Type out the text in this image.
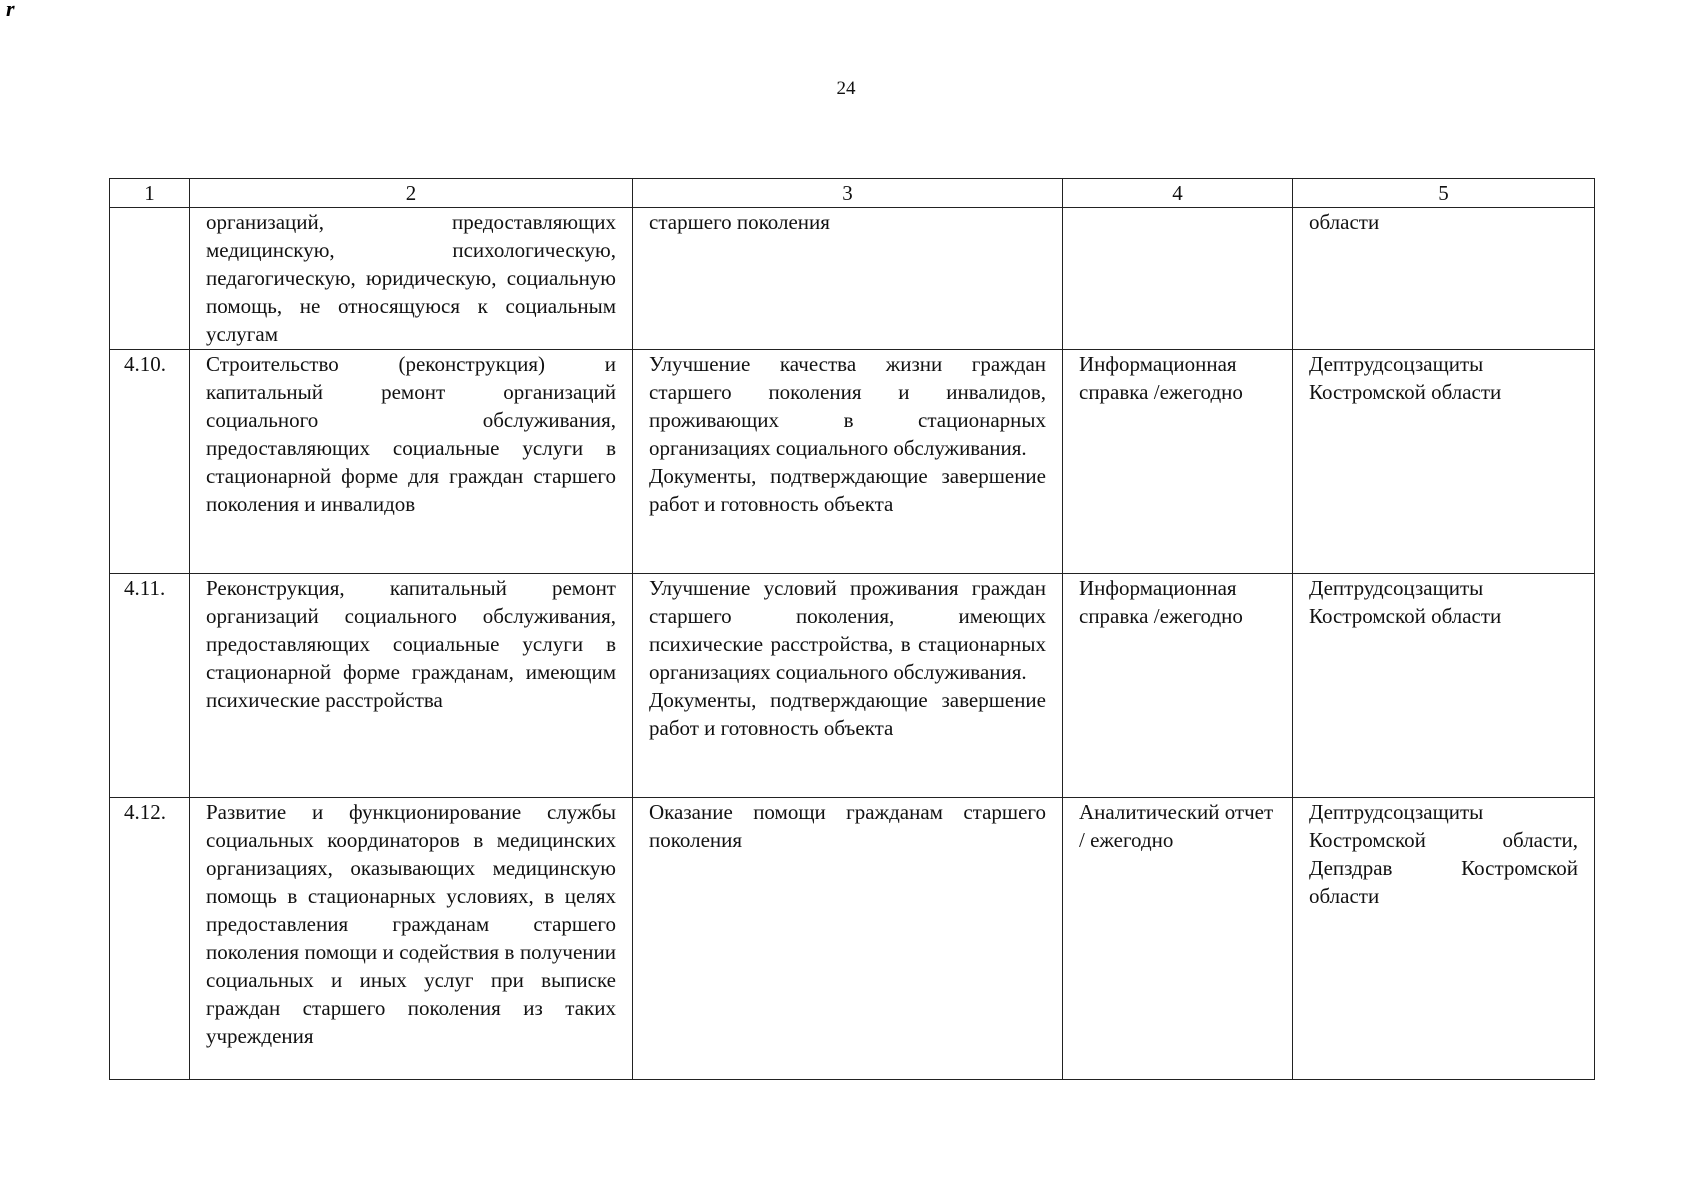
r
24
1	2	3	4	5

	организаций, предоставляющих медицинскую, психологическую, педагогическую, юридическую, социальную помощь, не относящуюся к социальным услугам	старшего поколения		области

4.10.	Строительство (реконструкция) и капитальный ремонт организаций социального обслуживания, предоставляющих социальные услуги в стационарной форме для граждан старшего поколения и инвалидов	Улучшение качества жизни граждан старшего поколения и инвалидов, проживающих в стационарных организациях социального обслуживания.
Документы, подтверждающие завершение работ и готовность объекта	Информационная справка /ежегодно	Дептрудсоцзащиты Костромской области

4.11.	Реконструкция, капитальный ремонт организаций социального обслуживания, предоставляющих социальные услуги в стационарной форме гражданам, имеющим психические расстройства	Улучшение условий проживания граждан старшего поколения, имеющих психические расстройства, в стационарных организациях социального обслуживания.
Документы, подтверждающие завершение работ и готовность объекта	Информационная справка /ежегодно	Дептрудсоцзащиты Костромской области

4.12.	Развитие и функционирование службы социальных координаторов в медицинских организациях, оказывающих медицинскую помощь в стационарных условиях, в целях предоставления гражданам старшего поколения помощи и содействия в получении социальных и иных услуг при выписке граждан старшего поколения из таких учреждения	Оказание помощи гражданам старшего поколения	Аналитический отчет / ежегодно	Дептрудсоцзащиты Костромской области, Депздрав Костромской области
